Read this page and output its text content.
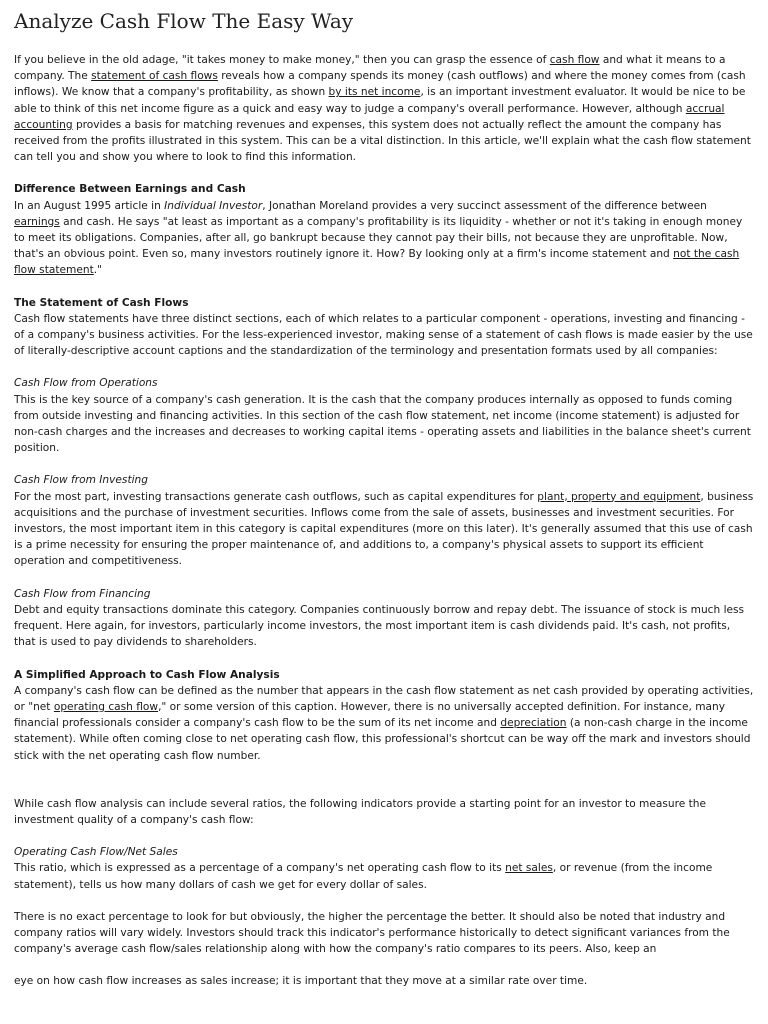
Analyze Cash Flow The Easy Way

If you believe in the old adage, "it takes money to make money," then you can grasp the essence of cash flow and what it means to a company. The statement of cash flows reveals how a company spends its money (cash outflows) and where the money comes from (cash inflows). We know that a company's profitability, as shown by its net income, is an important investment evaluator. It would be nice to be able to think of this net income figure as a quick and easy way to judge a company's overall performance. However, although accrual accounting provides a basis for matching revenues and expenses, this system does not actually reflect the amount the company has received from the profits illustrated in this system. This can be a vital distinction. In this article, we'll explain what the cash flow statement can tell you and show you where to look to find this information.

Difference Between Earnings and Cash

In an August 1995 article in Individual Investor, Jonathan Moreland provides a very succinct assessment of the difference between earnings and cash. He says "at least as important as a company's profitability is its liquidity - whether or not it's taking in enough money to meet its obligations. Companies, after all, go bankrupt because they cannot pay their bills, not because they are unprofitable. Now, that's an obvious point. Even so, many investors routinely ignore it. How? By looking only at a firm's income statement and not the cash flow statement."

The Statement of Cash Flows

Cash flow statements have three distinct sections, each of which relates to a particular component - operations, investing and financing - of a company's business activities. For the less-experienced investor, making sense of a statement of cash flows is made easier by the use of literally-descriptive account captions and the standardization of the terminology and presentation formats used by all companies:

Cash Flow from Operations

This is the key source of a company's cash generation. It is the cash that the company produces internally as opposed to funds coming from outside investing and financing activities. In this section of the cash flow statement, net income (income statement) is adjusted for non-cash charges and the increases and decreases to working capital items - operating assets and liabilities in the balance sheet's current position.

Cash Flow from Investing

For the most part, investing transactions generate cash outflows, such as capital expenditures for plant, property and equipment, business acquisitions and the purchase of investment securities. Inflows come from the sale of assets, businesses and investment securities. For investors, the most important item in this category is capital expenditures (more on this later). It's generally assumed that this use of cash is a prime necessity for ensuring the proper maintenance of, and additions to, a company's physical assets to support its efficient operation and competitiveness.

Cash Flow from Financing

Debt and equity transactions dominate this category. Companies continuously borrow and repay debt. The issuance of stock is much less frequent. Here again, for investors, particularly income investors, the most important item is cash dividends paid. It's cash, not profits, that is used to pay dividends to shareholders.

A Simplified Approach to Cash Flow Analysis

A company's cash flow can be defined as the number that appears in the cash flow statement as net cash provided by operating activities, or "net operating cash flow," or some version of this caption. However, there is no universally accepted definition. For instance, many financial professionals consider a company's cash flow to be the sum of its net income and depreciation (a non-cash charge in the income statement). While often coming close to net operating cash flow, this professional's shortcut can be way off the mark and investors should stick with the net operating cash flow number.

While cash flow analysis can include several ratios, the following indicators provide a starting point for an investor to measure the investment quality of a company's cash flow:

Operating Cash Flow/Net Sales

This ratio, which is expressed as a percentage of a company's net operating cash flow to its net sales, or revenue (from the income statement), tells us how many dollars of cash we get for every dollar of sales.

There is no exact percentage to look for but obviously, the higher the percentage the better. It should also be noted that industry and company ratios will vary widely. Investors should track this indicator's performance historically to detect significant variances from the company's average cash flow/sales relationship along with how the company's ratio compares to its peers. Also, keep an

eye on how cash flow increases as sales increase; it is important that they move at a similar rate over time.
